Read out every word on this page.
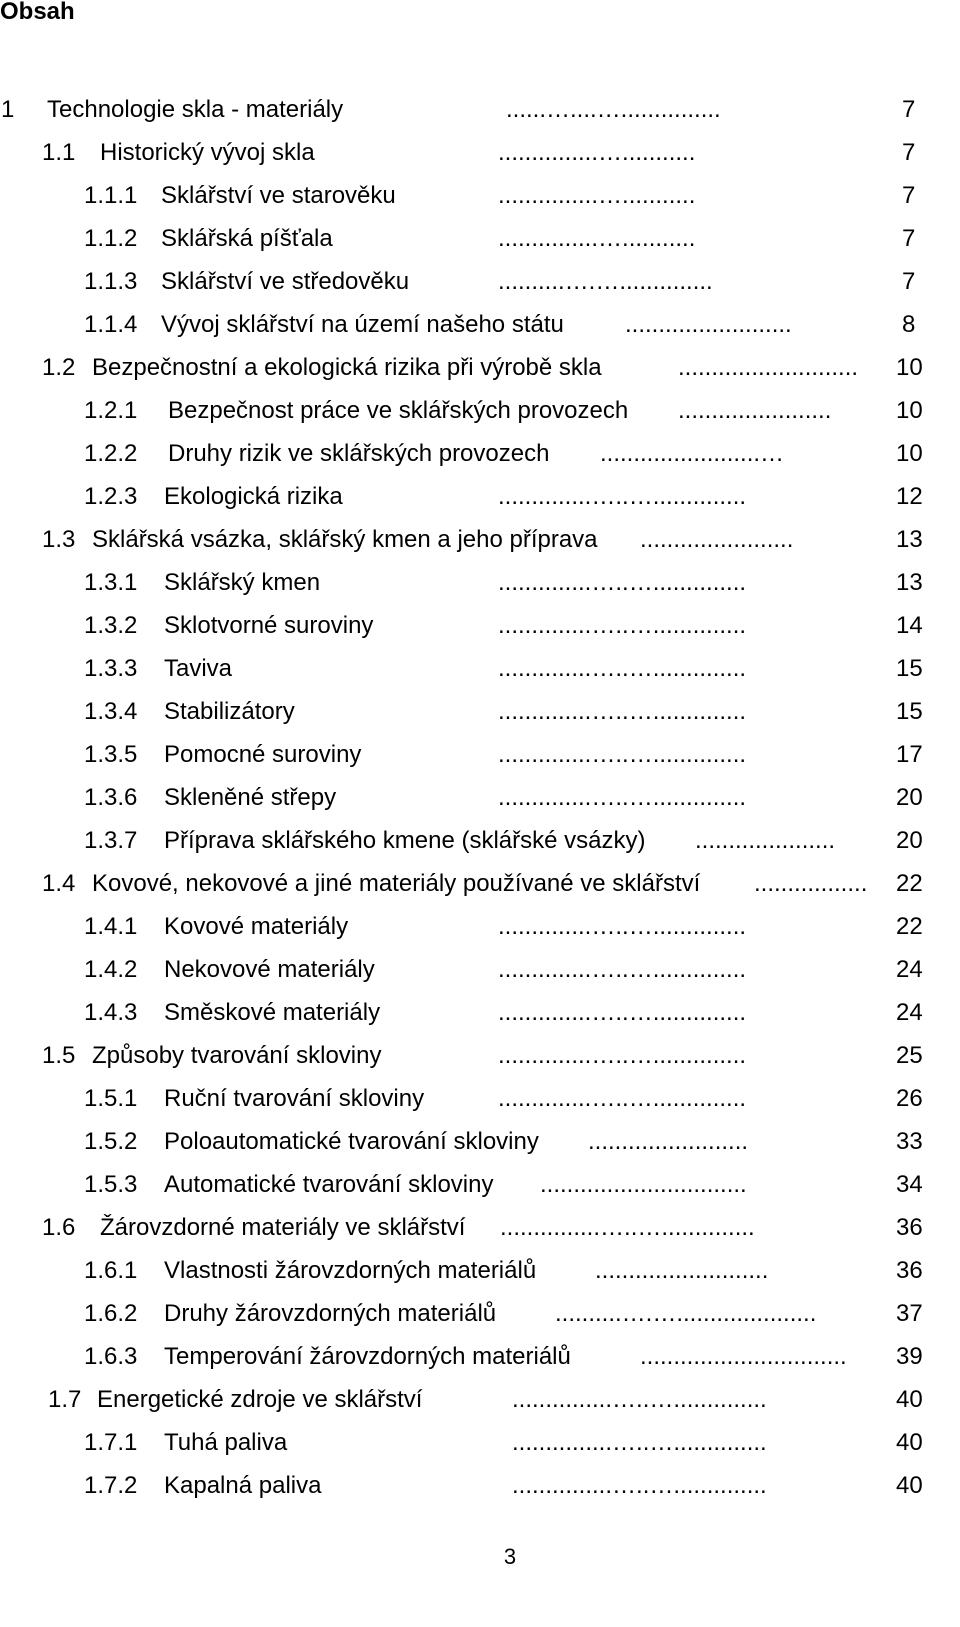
Obsah
1 Technologie skla - materiály	......…....…...............	7
1.1 Historický vývoj skla	...............…...........	7
1.1.1 Sklářství ve starověku	...............…...........	7
1.1.2 Sklářská píšťala	...............…...........	7
1.1.3 Sklářství ve středověku	..........….…..............	7
1.1.4 Vývoj sklářství na území našeho státu	.........................	8
1.2 Bezpečnostní a ekologická rizika při výrobě skla	...........................	10
1.2.1 Bezpečnost práce ve sklářských provozech .......................	10
1.2.2 Druhy rizik ve sklářských provozech ........................…	10
1.2.3 Ekologická rizika	..............…..…..............	12
1.3 Sklářská vsázka, sklářský kmen a jeho příprava .......................	13
1.3.1 Sklářský kmen	..............…..…..............	13
1.3.2 Sklotvorné suroviny	..............…..…..............	14
1.3.3 Taviva	..............…..…..............	15
1.3.4 Stabilizátory	..............…..…..............	15
1.3.5 Pomocné suroviny	..............…..…..............	17
1.3.6 Skleněné střepy	..............…..…..............	20
1.3.7 Příprava sklářského kmene (sklářské vsázky) .....................	20
1.4 Kovové, nekovové a jiné materiály používané ve sklářství .................	22
1.4.1 Kovové materiály	..............…..…..............	22
1.4.2 Nekovové materiály	..............…..…..............	24
1.4.3 Směskové materiály	..............…..…..............	24
1.5 Způsoby tvarování skloviny	..............…..…..............	25
1.5.1 Ruční tvarování skloviny	..............…..…..............	26
1.5.2 Poloautomatické tvarování skloviny ........................	33
1.5.3 Automatické tvarování skloviny ...............................	34
1.6 Žárovzdorné materiály ve sklářství ...............…..…..............	36
1.6.1 Vlastnosti žárovzdorných materiálů ..........................	36
1.6.2 Druhy žárovzdorných materiálů ..........….….....................	37
1.6.3 Temperování žárovzdorných materiálů	...............................	39
1.7 Energetické zdroje ve sklářství	...............…..…..............	40
1.7.1 Tuhá paliva	...............…..…..............	40
1.7.2 Kapalná paliva	...............…..…..............	40
3
